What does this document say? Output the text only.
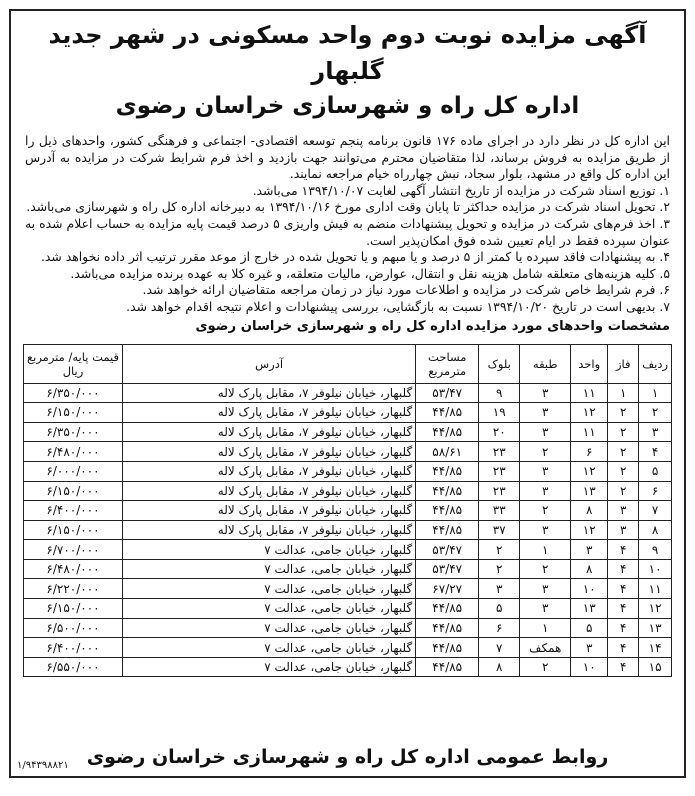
آگهی مزایده نوبت دوم واحد مسکونی در شهر جدید گلبهار
اداره کل راه و شهرسازی خراسان رضوی

این اداره کل در نظر دارد در اجرای ماده ۱۷۶ قانون برنامه پنجم توسعه اقتصادی- اجتماعی و فرهنگی کشور، واحدهای ذیل را از طریق مزایده به فروش برساند، لذا متقاضیان محترم می‌توانند جهت بازدید و اخذ فرم شرایط شرکت در مزایده به آدرس این اداره کل واقع در مشهد، بلوار سجاد، نبش چهارراه خیام مراجعه نمایند.

۱. توزیع اسناد شرکت در مزایده از تاریخ انتشار آگهی لغایت ۱۳۹۴/۱۰/۰۷ می‌باشد.

۲. تحویل اسناد شرکت در مزایده حداکثر تا پایان وقت اداری مورخ ۱۳۹۴/۱۰/۱۶ به دبیرخانه اداره کل راه و شهرسازی می‌باشد.

۳. اخذ فرم‌های شرکت در مزایده و تحویل پیشنهادات منضم به فیش واریزی ۵ درصد قیمت پایه مزایده به حساب اعلام شده به عنوان سپرده فقط در ایام تعیین شده فوق امکان‌پذیر است.

۴. به پیشنهادات فاقد سپرده یا کمتر از ۵ درصد و یا مبهم و یا تحویل شده در خارج از موعد مقرر ترتیب اثر داده نخواهد شد.

۵. کلیه هزینه‌های متعلقه شامل هزینه نقل و انتقال، عوارض، مالیات متعلقه، و غیره کلا به عهده برنده مزایده می‌باشد.

۶. فرم شرایط خاص شرکت در مزایده و اطلاعات مورد نیاز در زمان مراجعه متقاضیان ارائه خواهد شد.

۷. بدیهی است در تاریخ ۱۳۹۴/۱۰/۲۰ نسبت به بازگشایی، بررسی پیشنهادات و اعلام نتیجه اقدام خواهد شد.

مشخصات واحدهای مورد مزایده اداره کل راه و شهرسازی خراسان رضوی
ردیف	فاز	واحد	طبقه	بلوک	مساحت مترمربع	آدرس	قیمت پایه/ مترمربع ریال
۱	۱	۱۱	۳	۹	۵۳/۴۷	گلبهار، خیابان نیلوفر ۷، مقابل پارک لاله	۶/۳۵۰/۰۰۰
۲	۲	۱۲	۳	۱۹	۴۴/۸۵	گلبهار، خیابان نیلوفر ۷، مقابل پارک لاله	۶/۱۵۰/۰۰۰
۳	۲	۱۱	۳	۲۰	۴۴/۸۵	گلبهار، خیابان نیلوفر ۷، مقابل پارک لاله	۶/۳۵۰/۰۰۰
۴	۲	۶	۲	۲۳	۵۸/۶۱	گلبهار، خیابان نیلوفر ۷، مقابل پارک لاله	۶/۴۸۰/۰۰۰
۵	۲	۱۲	۳	۲۳	۴۴/۸۵	گلبهار، خیابان نیلوفر ۷، مقابل پارک لاله	۶/۰۰۰/۰۰۰
۶	۲	۱۳	۳	۲۳	۴۴/۸۵	گلبهار، خیابان نیلوفر ۷، مقابل پارک لاله	۶/۱۵۰/۰۰۰
۷	۳	۸	۲	۳۳	۴۴/۸۵	گلبهار، خیابان نیلوفر ۷، مقابل پارک لاله	۶/۴۰۰/۰۰۰
۸	۳	۱۲	۳	۳۷	۴۴/۸۵	گلبهار، خیابان نیلوفر ۷، مقابل پارک لاله	۶/۱۵۰/۰۰۰
۹	۴	۳	۱	۲	۵۳/۴۷	گلبهار، خیابان جامی، عدالت ۷	۶/۷۰۰/۰۰۰
۱۰	۴	۸	۲	۲	۵۳/۴۷	گلبهار، خیابان جامی، عدالت ۷	۶/۴۸۰/۰۰۰
۱۱	۴	۱۰	۳	۳	۶۷/۲۷	گلبهار، خیابان جامی، عدالت ۷	۶/۲۲۰/۰۰۰
۱۲	۴	۱۳	۳	۵	۴۴/۸۵	گلبهار، خیابان جامی، عدالت ۷	۶/۱۵۰/۰۰۰
۱۳	۴	۵	۱	۶	۴۴/۸۵	گلبهار، خیابان جامی، عدالت ۷	۶/۵۰۰/۰۰۰
۱۴	۴	۳	همکف	۷	۴۴/۸۵	گلبهار، خیابان جامی، عدالت ۷	۶/۴۰۰/۰۰۰
۱۵	۴	۱۰	۲	۸	۴۴/۸۵	گلبهار، خیابان جامی، عدالت ۷	۶/۵۵۰/۰۰۰
روابط عمومی اداره کل راه و شهرسازی خراسان رضوی
۱/۹۴۳۹۸۸۲۱
